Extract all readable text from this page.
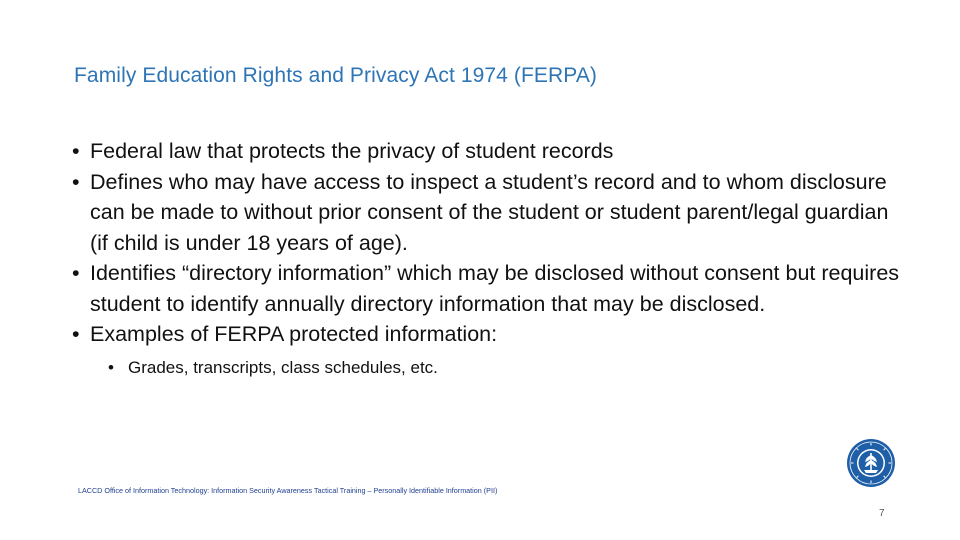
Family Education Rights and Privacy Act 1974 (FERPA)
• Federal law that protects the privacy of student records
• Defines who may have access to inspect a student’s record and to whom disclosure can be made to without prior consent of the student or student parent/legal guardian (if child is under 18 years of age).
• Identifies “directory information” which may be disclosed without consent but requires student to identify annually directory information that may be disclosed.
• Examples of FERPA protected information:
• Grades, transcripts, class schedules, etc.
LACCD Office of Information Technology: Information Security Awareness Tactical Training – Personally Identifiable Information (PII)
7
